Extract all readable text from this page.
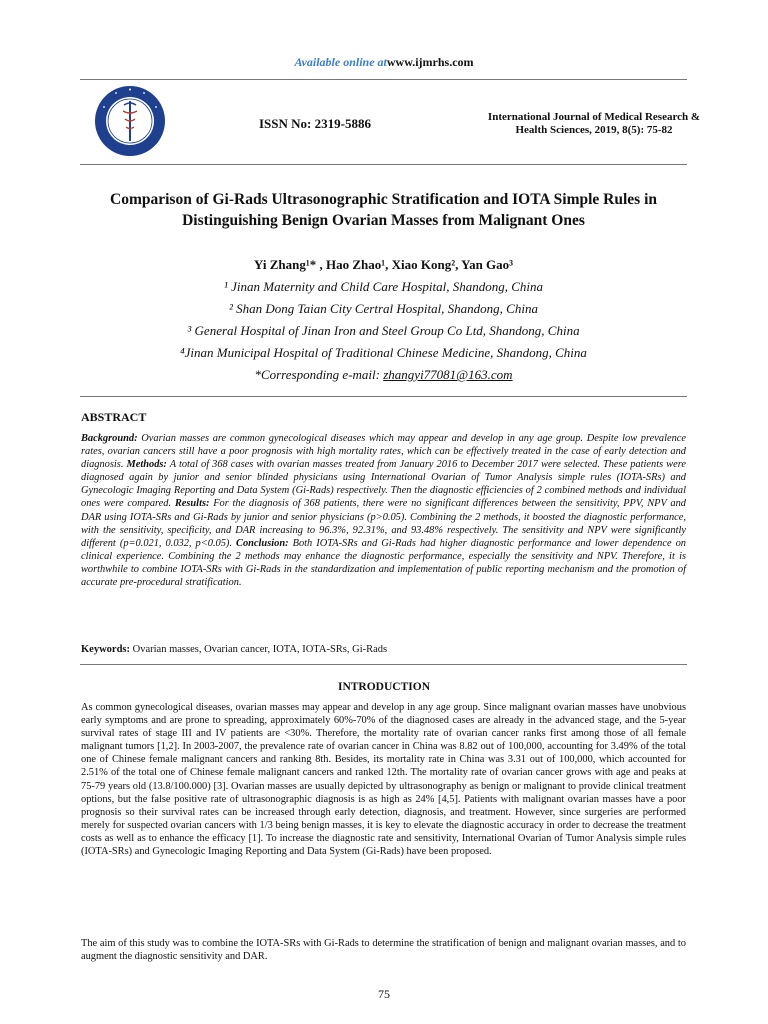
Available online atwww.ijmrhs.com
ISSN No: 2319-5886	International Journal of Medical Research &
Health Sciences, 2019, 8(5): 75-82
Comparison of Gi-Rads Ultrasonographic Stratification and IOTA Simple Rules in Distinguishing Benign Ovarian Masses from Malignant Ones
Yi Zhang¹* , Hao Zhao¹, Xiao Kong², Yan Gao³
¹ Jinan Maternity and Child Care Hospital, Shandong, China
² Shan Dong Taian City Certral Hospital, Shandong, China
³ General Hospital of Jinan Iron and Steel Group Co Ltd, Shandong, China
⁴Jinan Municipal Hospital of Traditional Chinese Medicine, Shandong, China
*Corresponding e-mail: zhangyi77081@163.com
ABSTRACT

Background: Ovarian masses are common gynecological diseases which may appear and develop in any age group. Despite low prevalence rates, ovarian cancers still have a poor prognosis with high mortality rates, which can be effectively treated in the case of early detection and diagnosis. Methods: A total of 368 cases with ovarian masses treated from January 2016 to December 2017 were selected. These patients were diagnosed again by junior and senior blinded physicians using International Ovarian of Tumor Analysis simple rules (IOTA-SRs) and Gynecologic Imaging Reporting and Data System (Gi-Rads) respectively. Then the diagnostic efficiencies of 2 combined methods and individual ones were compared. Results: For the diagnosis of 368 patients, there were no significant differences between the sensitivity, PPV, NPV and DAR using IOTA-SRs and Gi-Rads by junior and senior physicians (p>0.05). Combining the 2 methods, it boosted the diagnostic performance, with the sensitivity, specificity, and DAR increasing to 96.3%, 92.31%, and 93.48% respectively. The sensitivity and NPV were significantly different (p=0.021, 0.032, p<0.05). Conclusion: Both IOTA-SRs and Gi-Rads had higher diagnostic performance and lower dependence on clinical experience. Combining the 2 methods may enhance the diagnostic performance, especially the sensitivity and NPV. Therefore, it is worthwhile to combine IOTA-SRs with Gi-Rads in the standardization and implementation of public reporting mechanism and the promotion of accurate pre-procedural stratification.

Keywords: Ovarian masses, Ovarian cancer, IOTA, IOTA-SRs, Gi-Rads
INTRODUCTION

As common gynecological diseases, ovarian masses may appear and develop in any age group. Since malignant ovarian masses have unobvious early symptoms and are prone to spreading, approximately 60%-70% of the diagnosed cases are already in the advanced stage, and the 5-year survival rates of stage III and IV patients are <30%. Therefore, the mortality rate of ovarian cancer ranks first among those of all female malignant tumors [1,2]. In 2003-2007, the prevalence rate of ovarian cancer in China was 8.82 out of 100,000, accounting for 3.49% of the total one of Chinese female malignant cancers and ranking 8th. Besides, its mortality rate in China was 3.31 out of 100,000, which accounted for 2.51% of the total one of Chinese female malignant cancers and ranked 12th. The mortality rate of ovarian cancer grows with age and peaks at 75-79 years old (13.8/100.000) [3]. Ovarian masses are usually depicted by ultrasonography as benign or malignant to provide clinical treatment options, but the false positive rate of ultrasonographic diagnosis is as high as 24% [4,5]. Patients with malignant ovarian masses have a poor prognosis so their survival rates can be increased through early detection, diagnosis, and treatment. However, since surgeries are performed merely for suspected ovarian cancers with 1/3 being benign masses, it is key to elevate the diagnostic accuracy in order to decrease the treatment costs as well as to enhance the efficacy [1]. To increase the diagnostic rate and sensitivity, International Ovarian of Tumor Analysis simple rules (IOTA-SRs) and Gynecologic Imaging Reporting and Data System (Gi-Rads) have been proposed.

The aim of this study was to combine the IOTA-SRs with Gi-Rads to determine the stratification of benign and malignant ovarian masses, and to augment the diagnostic sensitivity and DAR.

75
